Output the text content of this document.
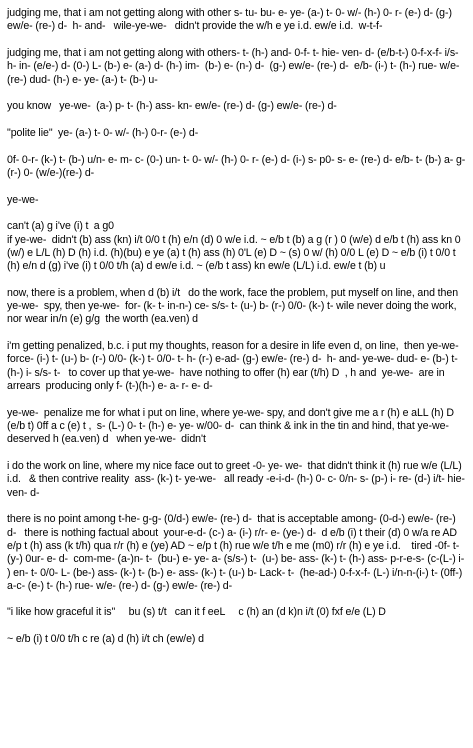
judging me, that i am not getting along with other s- tu- bu- e- ye- (a-) t- 0- w/- (h-) 0- r- (e-) d- (g-) ew/e- (re-) d-  h- and-   wile-ye-we-   didn't provide the w/h e ye i.d. ew/e i.d.  w-t-f-

judging me, that i am not getting along with others- t- (h-) and- 0-f- t- hie- ven- d- (e/b-t-) 0-f-x-f- i/s- h- in- (e/e-) d- (0-) L- (b-) e- (a-) d- (h-) im-  (b-) e- (n-) d-  (g-) ew/e- (re-) d-  e/b- (i-) t- (h-) rue- w/e- (re-) dud- (h-) e- ye- (a-) t- (b-) u-

you know   ye-we-  (a-) p- t- (h-) ass- kn- ew/e- (re-) d- (g-) ew/e- (re-) d-

"polite lie"  ye- (a-) t- 0- w/- (h-) 0-r- (e-) d-

0f- 0-r- (k-) t- (b-) u/n- e- m- c- (0-) un- t- 0- w/- (h-) 0- r- (e-) d- (i-) s- p0- s- e- (re-) d- e/b- t- (b-) a- g- (r-) 0- (w/e-)(re-) d-

ye-we-

can't (a) g i've (i) t  a g0
if ye-we-  didn't (b) ass (kn) i/t 0/0 t (h) e/n (d) 0 w/e i.d. ~ e/b t (b) a g (r ) 0 (w/e) d e/b t (h) ass kn 0 (w/) e L/L (h) D (h) i.d. (h)(bu) e ye (a) t (h) ass (h) 0'L (e) D ~ (s) 0 w/ (h) 0/0 L (e) D ~ e/b (i) t 0/0 t (h) e/n d (g) i've (i) t 0/0 t/h (a) d ew/e i.d. ~ (e/b t ass) kn ew/e (L/L) i.d. ew/e t (b) u

now, there is a problem, when d (b) i/t   do the work, face the problem, put myself on line, and then ye-we-  spy, then ye-we-  for- (k- t- in-n-) ce- s/s- t- (u-) b- (r-) 0/0- (k-) t- wile never doing the work, nor wear in/n (e) g/g  the worth (ea.ven) d

i'm getting penalized, b.c. i put my thoughts, reason for a desire in life even d, on line,  then ye-we-  force- (i-) t- (u-) b- (r-) 0/0- (k-) t- 0/0- t- h- (r-) e-ad- (g-) ew/e- (re-) d-  h- and- ye-we- dud- e- (b-) t- (h-) i- s/s- t-   to cover up that ye-we-  have nothing to offer (h) ear (t/h) D  , h and  ye-we-  are in arrears  producing only f- (t-)(h-) e- a- r- e- d-

ye-we-  penalize me for what i put on line, where ye-we- spy, and don't give me a r (h) e aLL (h) D (e/b t) 0ff a c (e) t ,  s- (L-) 0- t- (h-) e- ye- w/00- d-  can think & ink in the tin and hind, that ye-we-  deserved h (ea.ven) d   when ye-we-  didn't

i do the work on line, where my nice face out to greet -0- ye- we-  that didn't think it (h) rue w/e (L/L) i.d.   & then contrive reality  ass- (k-) t- ye-we-   all ready -e-i-d- (h-) 0- c- 0/n- s- (p-) i- re- (d-) i/t- hie-ven- d-

there is no point among t-he- g-g- (0/d-) ew/e- (re-) d-  that is acceptable among- (0-d-) ew/e- (re-) d-   there is nothing factual about  your-e-d- (c-) a- (i-) r/r- e- (ye-) d-  d e/b (i) t their (d) 0 w/a re AD e/p t (h) ass (k t/h) qua r/r (h) e (ye) AD ~ e/p t (h) rue w/e t/h e me (m0) r/r (h) e ye i.d.    tired -0f- t- (y-) 0ur- e- d-  com-me- (a-)n- t-  (bu-) e- ye- a- (s/s-) t-  (u-) be- ass- (k-) t- (h-) ass- p-r-e-s- (c-(L-) i- ) en- t- 0/0- L- (be-) ass- (k-) t- (b-) e- ass- (k-) t- (u-) b- Lack- t-  (he-ad-) 0-f-x-f- (L-) i/n-n-(i-) t- (0ff-) a-c- (e-) t- (h-) rue- w/e- (re-) d- (g-) ew/e- (re-) d-

"i like how graceful it is"     bu (s) t/t   can it f eeL     c (h) an (d k)n i/t (0) fxf e/e (L) D

~ e/b (i) t 0/0 t/h c re (a) d (h) i/t ch (ew/e) d
